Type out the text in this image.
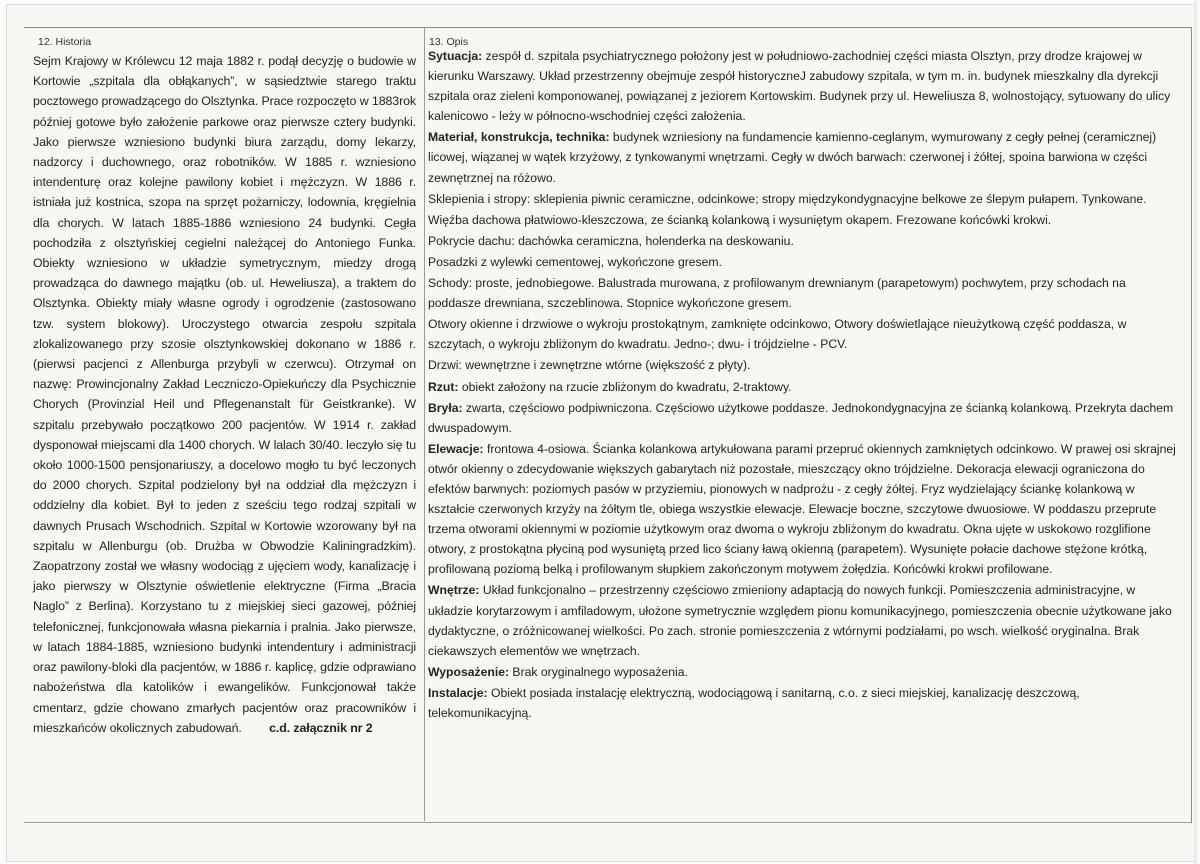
12. Historia	13. Opis
Sejm Krajowy w Królewcu 12 maja 1882 r. podął decyzję o budowie w Kortowie „szpitala dla obłąkanych”, w sąsiedztwie starego traktu pocztowego prowadzącego do Olsztynka. Prace rozpoczęto w 1883rok później gotowe było założenie parkowe oraz pierwsze cztery budynki. Jako pierwsze wzniesiono budynki biura zarządu, domy lekarzy, nadzorcy i duchownego, oraz robotników. W 1885 r. wzniesiono intendenturę oraz kolejne pawilony kobiet i mężczyzn. W 1886 r. istniała już kostnica, szopa na sprzęt pożarniczy, lodownia, kręgielnia dla chorych. W latach 1885-1886 wzniesiono 24 budynki. Cegła pochodziła z olsztyńskiej cegielni należącej do Antoniego Funka. Obiekty wzniesiono w układzie symetrycznym, miedzy drogą prowadząca do dawnego majątku (ob. ul. Heweliusza), a traktem do Olsztynka. Obiekty miały własne ogrody i ogrodzenie (zastosowano tzw. system blokowy). Uroczystego otwarcia zespołu szpitala zlokalizowanego przy szosie olsztynkowskiej dokonano w 1886 r. (pierwsi pacjenci z Allenburga przybyli w czerwcu). Otrzymał on nazwę: Prowincjonalny Zakład Leczniczo-Opiekuńczy dla Psychicznie Chorych (Provinzial Heil und Pflegenanstalt für Geistkranke). W szpitalu przebywało początkowo 200 pacjentów. W 1914 r. zakład dysponował miejscami dla 1400 chorych. W lalach 30/40. leczyło się tu około 1000-1500 pensjonariuszy, a docelowo mogło tu być leczonych do 2000 chorych. Szpital podzielony był na oddział dla mężczyzn i oddzielny dla kobiet. Był to jeden z sześciu tego rodzaj szpitali w dawnych Prusach Wschodnich. Szpital w Kortowie wzorowany był na szpitalu w Allenburgu (ob. Drużba w Obwodzie Kaliningradzkim). Zaopatrzony został we własny wodociąg z ujęciem wody, kanalizację i jako pierwszy w Olsztynie oświetlenie elektryczne (Firma „Bracia Naglo” z Berlina). Korzystano tu z miejskiej sieci gazowej, później telefonicznej, funkcjonowała własna piekarnia i pralnia. Jako pierwsze, w latach 1884-1885, wzniesiono budynki intendentury i administracji oraz pawilony-bloki dla pacjentów, w 1886 r. kaplicę, gdzie odprawiano nabożeństwa dla katolików i ewangelików. Funkcjonował także cmentarz, gdzie chowano zmarłych pacjentów oraz pracowników i mieszkańców okolicznych zabudowań. c.d. załącznik nr 2

Sytuacja: zespół d. szpitala psychiatrycznego położony jest w południowo-zachodniej części miasta Olsztyn, przy drodze krajowej w kierunku Warszawy. Układ przestrzenny obejmuje zespół historyczneJ zabudowy szpitala, w tym m. in. budynek mieszkalny dla dyrekcji szpitala oraz zieleni komponowanej, powiązanej z jeziorem Kortowskim. Budynek przy ul. Heweliusza 8, wolnostojący, sytuowany do ulicy kalenicowo - leży w północno-wschodniej części założenia.

Materiał, konstrukcja, technika: budynek wzniesiony na fundamencie kamienno-ceglanym, wymurowany z cegły pełnej (ceramicznej) licowej, wiązanej w wątek krzyżowy, z tynkowanymi wnętrzami. Cegły w dwóch barwach: czerwonej i żółtej, spoina barwiona w części zewnętrznej na różowo.

Sklepienia i stropy: sklepienia piwnic ceramiczne, odcinkowe; stropy międzykondygnacyjne belkowe ze ślepym pułapem. Tynkowane.

Więźba dachowa płatwiowo-kleszczowa, ze ścianką kolankową i wysuniętym okapem. Frezowane końcówki krokwi.

Pokrycie dachu: dachówka ceramiczna, holenderka na deskowaniu.

Posadzki z wylewki cementowej, wykończone gresem.

Schody: proste, jednobiegowe. Balustrada murowana, z profilowanym drewnianym (parapetowym) pochwytem, przy schodach na poddasze drewniana, szczeblinowa. Stopnice wykończone gresem.

Otwory okienne i drzwiowe o wykroju prostokątnym, zamknięte odcinkowo, Otwory doświetlające nieużytkową część poddasza, w szczytach, o wykroju zbliżonym do kwadratu. Jedno-; dwu- i trójdzielne - PCV.

Drzwi: wewnętrzne i zewnętrzne wtórne (większość z płyty).

Rzut: obiekt założony na rzucie zbliżonym do kwadratu, 2-traktowy.

Bryła: zwarta, częściowo podpiwniczona. Częściowo użytkowe poddasze. Jednokondygnacyjna ze ścianką kolankową. Przekryta dachem dwuspadowym.

Elewacje: frontowa 4-osiowa. Ścianka kolankowa artykułowana parami przepruć okiennych zamkniętych odcinkowo. W prawej osi skrajnej otwór okienny o zdecydowanie większych gabarytach niż pozostałe, mieszczący okno trójdzielne. Dekoracja elewacji ograniczona do efektów barwnych: poziomych pasów w przyziemiu, pionowych w nadprożu - z cegły żółtej. Fryz wydzielający ściankę kolankową w kształcie czerwonych krzyży na żółtym tle, obiega wszystkie elewacje. Elewacje boczne, szczytowe dwuosiowe. W poddaszu przeprute trzema otworami okiennymi w poziomie użytkowym oraz dwoma o wykroju zbliżonym do kwadratu. Okna ujęte w uskokowo rozglifione otwory, z prostokątna płyciną pod wysuniętą przed lico ściany ławą okienną (parapetem). Wysunięte połacie dachowe stężone krótką, profilowaną poziomą belką i profilowanym słupkiem zakończonym motywem żołędzia. Końcówki krokwi profilowane.

Wnętrze: Układ funkcjonalno – przestrzenny częściowo zmieniony adaptacją do nowych funkcji. Pomieszczenia administracyjne, w układzie korytarzowym i amfiladowym, ułożone symetrycznie względem pionu komunikacyjnego, pomieszczenia obecnie użytkowane jako dydaktyczne, o zróżnicowanej wielkości. Po zach. stronie pomieszczenia z wtórnymi podziałami, po wsch. wielkość oryginalna. Brak ciekawszych elementów we wnętrzach.

Wyposażenie: Brak oryginalnego wyposażenia.

Instalacje: Obiekt posiada instalację elektryczną, wodociągową i sanitarną, c.o. z sieci miejskiej, kanalizację deszczową, telekomunikacyjną.
